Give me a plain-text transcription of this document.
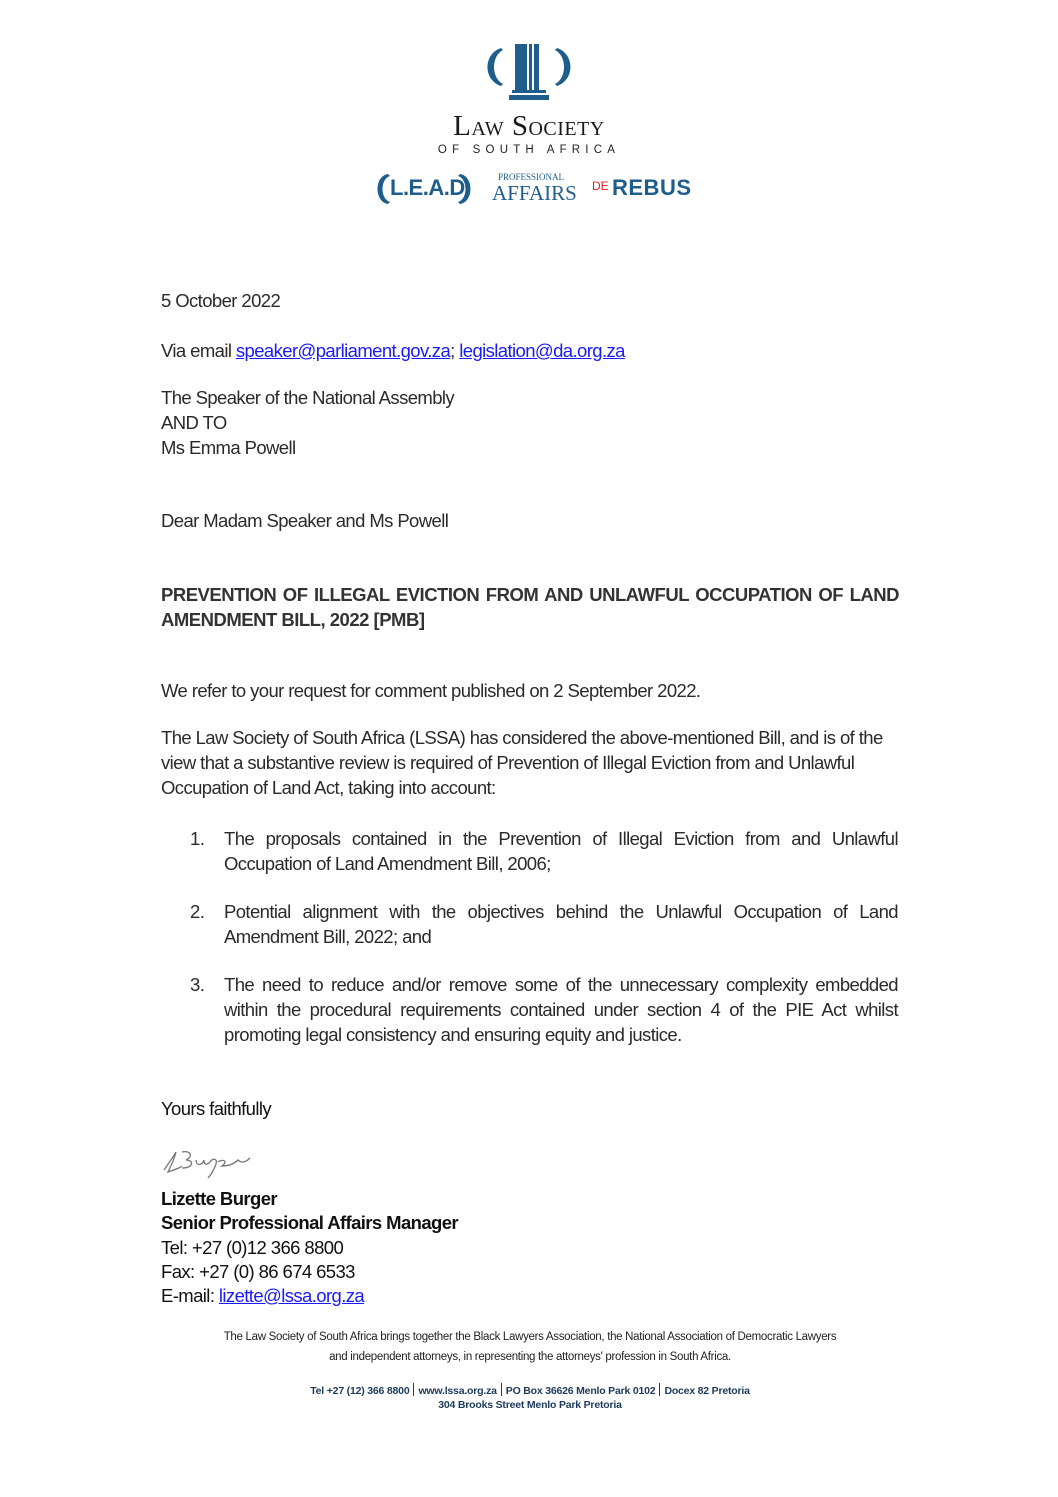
Law Society
OF SOUTH AFRICA
L.E.A.D	PROFESSIONAL
AFFAIRS DE REBUS
5 October 2022
Via email speaker@parliament.gov.za; legislation@da.org.za
The Speaker of the National Assembly
AND TO
Ms Emma Powell
Dear Madam Speaker and Ms Powell
PREVENTION OF ILLEGAL EVICTION FROM AND UNLAWFUL OCCUPATION OF LAND AMENDMENT BILL, 2022 [PMB]
We refer to your request for comment published on 2 September 2022.
The Law Society of South Africa (LSSA) has considered the above-mentioned Bill, and is of the view that a substantive review is required of Prevention of Illegal Eviction from and Unlawful Occupation of Land Act, taking into account:
1. The proposals contained in the Prevention of Illegal Eviction from and Unlawful Occupation of Land Amendment Bill, 2006;
2. Potential alignment with the objectives behind the Unlawful Occupation of Land Amendment Bill, 2022; and
3. The need to reduce and/or remove some of the unnecessary complexity embedded within the procedural requirements contained under section 4 of the PIE Act whilst promoting legal consistency and ensuring equity and justice.
Yours faithfully
Lizette Burger
Senior Professional Affairs Manager
Tel: +27 (0)12 366 8800
Fax: +27 (0) 86 674 6533
E-mail: lizette@lssa.org.za
The Law Society of South Africa brings together the Black Lawyers Association, the National Association of Democratic Lawyers
and independent attorneys, in representing the attorneys' profession in South Africa.
Tel +27 (12) 366 8800 www.lssa.org.za PO Box 36626 Menlo Park 0102 Docex 82 Pretoria
304 Brooks Street Menlo Park Pretoria
